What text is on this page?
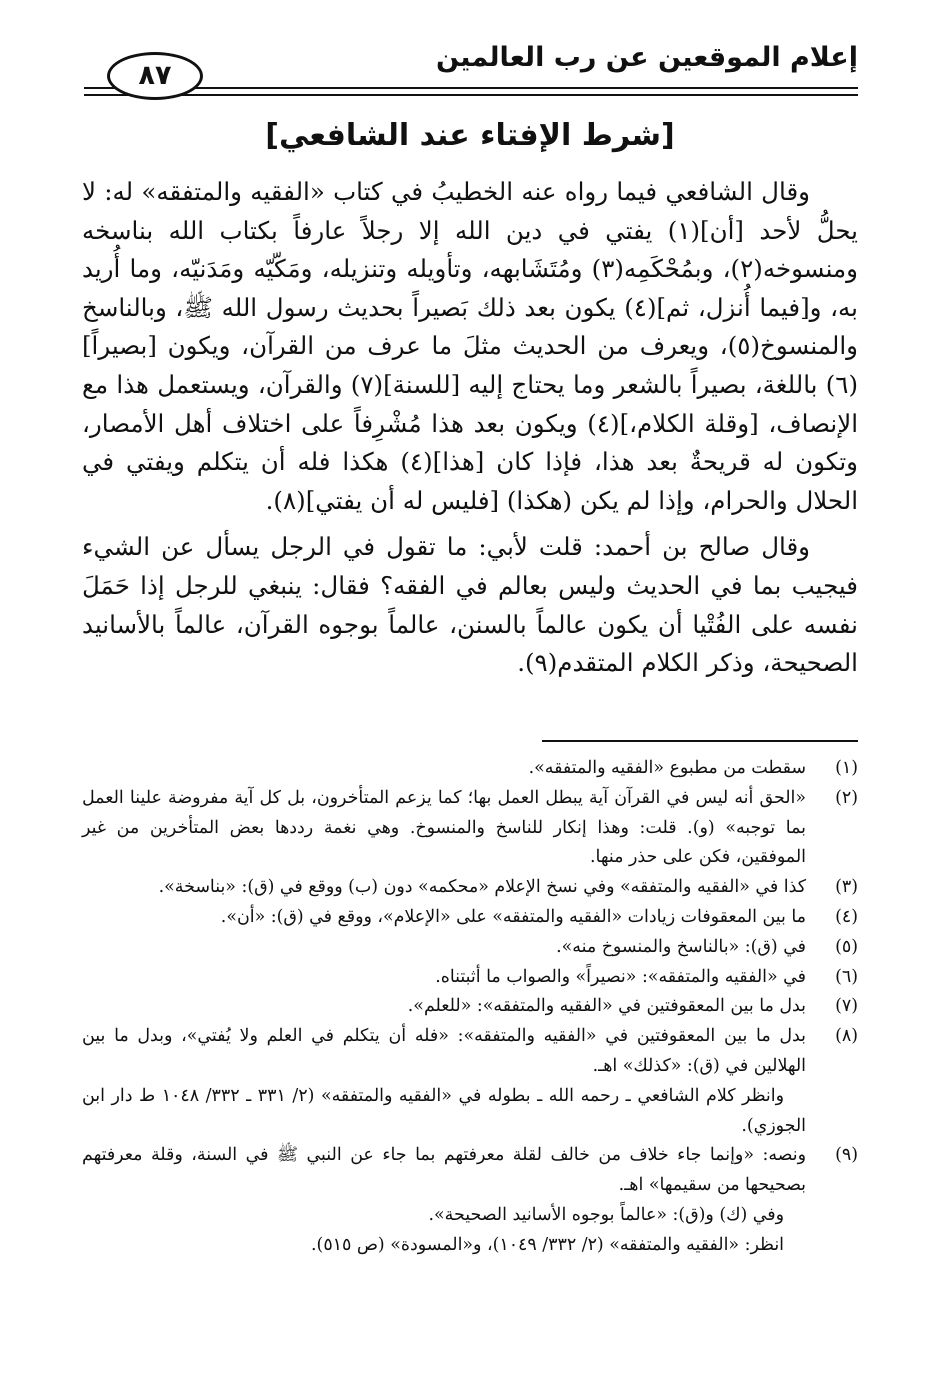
إعلام الموقعين عن رب العالمين
٨٧
[شرط الإفتاء عند الشافعي]

وقال الشافعي فيما رواه عنه الخطيبُ في كتاب «الفقيه والمتفقه» له: لا يحلُّ لأحد [أن](١) يفتي في دين الله إلا رجلاً عارفاً بكتاب الله بناسخه ومنسوخه(٢)، وبمُحْكَمِه(٣) ومُتَشَابهه، وتأويله وتنزيله، ومَكّيّه ومَدَنيّه، وما أُريد به، و[فيما أُنزل، ثم](٤) يكون بعد ذلك بَصيراً بحديث رسول الله ﷺ، وبالناسخ والمنسوخ(٥)، ويعرف من الحديث مثلَ ما عرف من القرآن، ويكون [بصيراً](٦) باللغة، بصيراً بالشعر وما يحتاج إليه [للسنة](٧) والقرآن، ويستعمل هذا مع الإنصاف، [وقلة الكلام،](٤) ويكون بعد هذا مُشْرِفاً على اختلاف أهل الأمصار، وتكون له قريحةٌ بعد هذا، فإذا كان [هذا](٤) هكذا فله أن يتكلم ويفتي في الحلال والحرام، وإذا لم يكن (هكذا) [فليس له أن يفتي](٨).

وقال صالح بن أحمد: قلت لأبي: ما تقول في الرجل يسأل عن الشيء فيجيب بما في الحديث وليس بعالم في الفقه؟ فقال: ينبغي للرجل إذا حَمَلَ نفسه على الفُتْيا أن يكون عالماً بالسنن، عالماً بوجوه القرآن، عالماً بالأسانيد الصحيحة، وذكر الكلام المتقدم(٩).

(١)

سقطت من مطبوع «الفقيه والمتفقه».

(٢)

«الحق أنه ليس في القرآن آية يبطل العمل بها؛ كما يزعم المتأخرون، بل كل آية مفروضة علينا العمل بما توجبه» (و). قلت: وهذا إنكار للناسخ والمنسوخ. وهي نغمة رددها بعض المتأخرين من غير الموفقين، فكن على حذر منها.

(٣)

كذا في «الفقيه والمتفقه» وفي نسخ الإعلام «محكمه» دون (ب) ووقع في (ق): «بناسخة».

(٤)

ما بين المعقوفات زيادات «الفقيه والمتفقه» على «الإعلام»، ووقع في (ق): «أن».

(٥)

في (ق): «بالناسخ والمنسوخ منه».

(٦)

في «الفقيه والمتفقه»: «نصيراً» والصواب ما أثبتناه.

(٧)

بدل ما بين المعقوفتين في «الفقيه والمتفقه»: «للعلم».

(٨)

بدل ما بين المعقوفتين في «الفقيه والمتفقه»: «فله أن يتكلم في العلم ولا يُفتي»، وبدل ما بين الهلالين في (ق): «كذلك» اهـ.

وانظر كلام الشافعي ـ رحمه الله ـ بطوله في «الفقيه والمتفقه» (٢/ ٣٣١ ـ ٣٣٢/ ١٠٤٨ ط دار ابن الجوزي).

(٩)

ونصه: «وإنما جاء خلاف من خالف لقلة معرفتهم بما جاء عن النبي ﷺ في السنة، وقلة معرفتهم بصحيحها من سقيمها» اهـ.

وفي (ك) و(ق): «عالماً بوجوه الأسانيد الصحيحة».

انظر: «الفقيه والمتفقه» (٢/ ٣٣٢/ ١٠٤٩)، و«المسودة» (ص ٥١٥).
